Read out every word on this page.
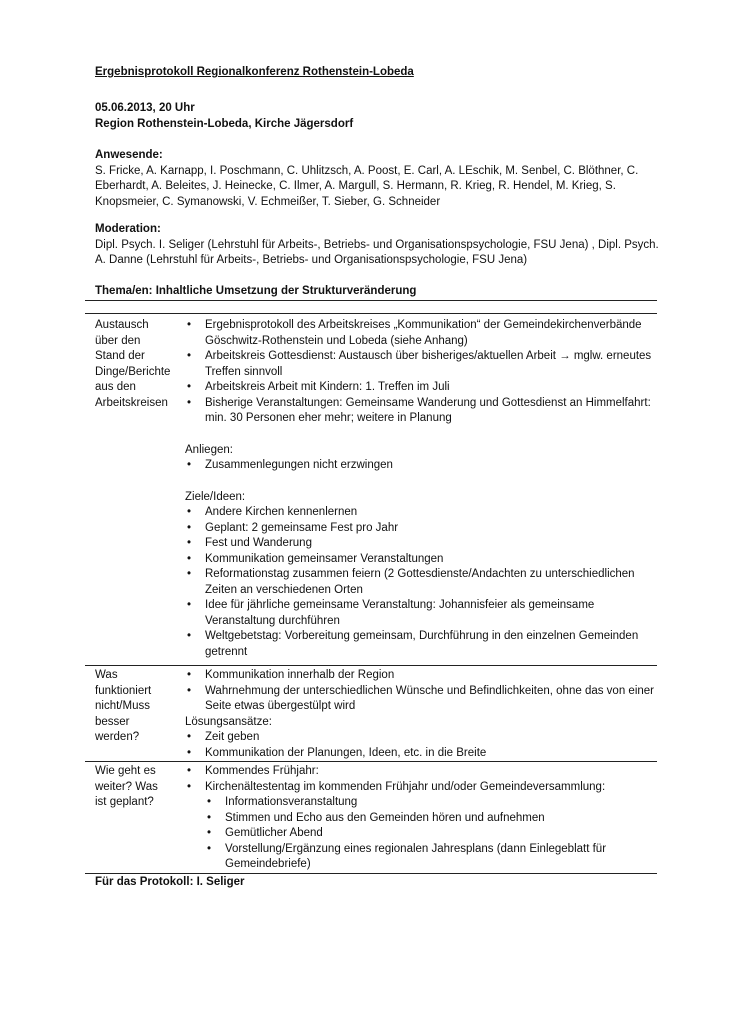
Ergebnisprotokoll Regionalkonferenz Rothenstein-Lobeda
05.06.2013, 20 Uhr
Region Rothenstein-Lobeda, Kirche Jägersdorf
Anwesende:
S. Fricke, A. Karnapp, I. Poschmann, C. Uhlitzsch, A. Poost, E. Carl, A. LEschik, M. Senbel, C. Blöthner, C.
Eberhardt, A. Beleites, J. Heinecke, C. Ilmer, A. Margull, S. Hermann, R. Krieg, R. Hendel, M. Krieg, S.
Knopsmeier, C. Symanowski, V. Echmeißer, T. Sieber, G. Schneider
Moderation:
Dipl. Psych. I. Seliger (Lehrstuhl für Arbeits-, Betriebs- und Organisationspsychologie, FSU Jena) , Dipl. Psych.
A. Danne (Lehrstuhl für Arbeits-, Betriebs- und Organisationspsychologie, FSU Jena)
Thema/en: Inhaltliche Umsetzung der Strukturveränderung
Austausch
über den
Stand der
Dinge/Berichte
aus den
Arbeitskreisen
• Ergebnisprotokoll des Arbeitskreises „Kommunikation“ der Gemeindekirchenverbände Göschwitz-Rothenstein und Lobeda (siehe Anhang)
• Arbeitskreis Gottesdienst: Austausch über bisheriges/aktuellen Arbeit → mglw. erneutes Treffen sinnvoll
• Arbeitskreis Arbeit mit Kindern: 1. Treffen im Juli
• Bisherige Veranstaltungen: Gemeinsame Wanderung und Gottesdienst an Himmelfahrt: min. 30 Personen eher mehr; weitere in Planung
Anliegen:
• Zusammenlegungen nicht erzwingen
Ziele/Ideen:
• Andere Kirchen kennenlernen
• Geplant: 2 gemeinsame Fest pro Jahr
• Fest und Wanderung
• Kommunikation gemeinsamer Veranstaltungen
• Reformationstag zusammen feiern (2 Gottesdienste/Andachten zu unterschiedlichen Zeiten an verschiedenen Orten
• Idee für jährliche gemeinsame Veranstaltung: Johannisfeier als gemeinsame Veranstaltung durchführen
• Weltgebetstag: Vorbereitung gemeinsam, Durchführung in den einzelnen Gemeinden getrennt
Was
funktioniert
nicht/Muss
besser
werden?
• Kommunikation innerhalb der Region
• Wahrnehmung der unterschiedlichen Wünsche und Befindlichkeiten, ohne das von einer Seite etwas übergestülpt wird
Lösungsansätze:
• Zeit geben
• Kommunikation der Planungen, Ideen, etc. in die Breite
Wie geht es
weiter? Was
ist geplant?
• Kommendes Frühjahr:
• Kirchenältestentag im kommenden Frühjahr und/oder Gemeindeversammlung:
• Informationsveranstaltung
• Stimmen und Echo aus den Gemeinden hören und aufnehmen
• Gemütlicher Abend
• Vorstellung/Ergänzung eines regionalen Jahresplans (dann Einlegeblatt für Gemeindebriefe)
Für das Protokoll: I. Seliger
